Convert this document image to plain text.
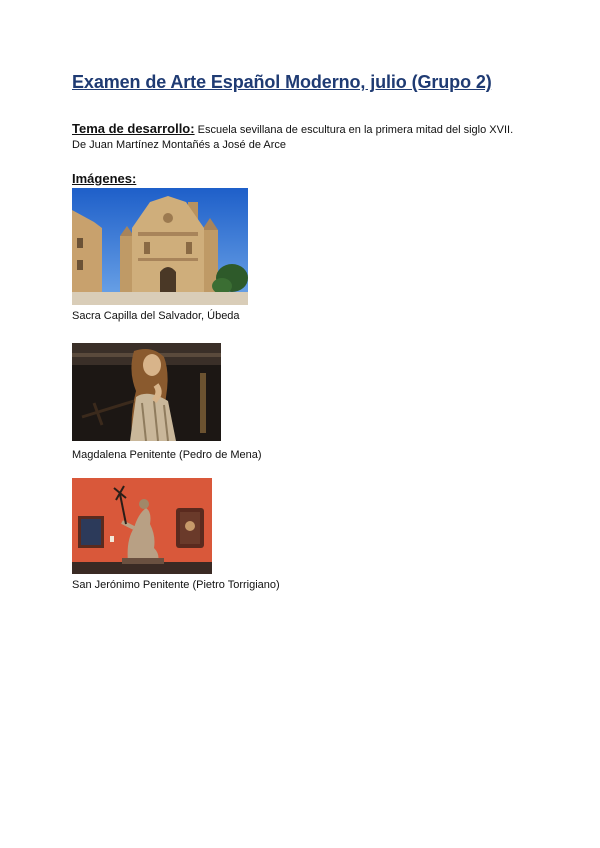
Examen de Arte Español Moderno, julio (Grupo 2)
Tema de desarrollo: Escuela sevillana de escultura en la primera mitad del siglo XVII.
De Juan Martínez Montañés a José de Arce
Imágenes:
Sacra Capilla del Salvador, Úbeda
Magdalena Penitente (Pedro de Mena)
San Jerónimo Penitente (Pietro Torrigiano)
